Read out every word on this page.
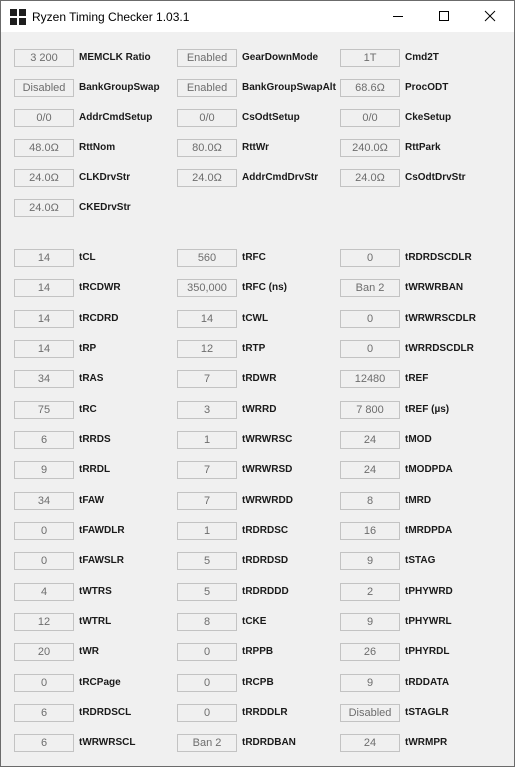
Ryzen Timing Checker 1.03.1
3 200	MEMCLK Ratio	Enabled	GearDownMode	1T	Cmd2T
Disabled	BankGroupSwap	Enabled	BankGroupSwapAlt	68.6Ω	ProcODT
0/0	AddrCmdSetup	0/0	CsOdtSetup	0/0	CkeSetup
48.0Ω	RttNom	80.0Ω	RttWr	240.0Ω	RttPark
24.0Ω	CLKDrvStr	24.0Ω	AddrCmdDrvStr	24.0Ω	CsOdtDrvStr
24.0Ω	CKEDrvStr
14	tCL	560	tRFC	0	tRDRDSCDLR
14	tRCDWR	350,000	tRFC (ns)	Ban 2	tWRWRBAN
14	tRCDRD	14	tCWL	0	tWRWRSCDLR
14	tRP	12	tRTP	0	tWRRDSCDLR
34	tRAS	7	tRDWR	12480	tREF
75	tRC	3	tWRRD	7 800	tREF (µs)
6	tRRDS	1	tWRWRSC	24	tMOD
9	tRRDL	7	tWRWRSD	24	tMODPDA
34	tFAW	7	tWRWRDD	8	tMRD
0	tFAWDLR	1	tRDRDSC	16	tMRDPDA
0	tFAWSLR	5	tRDRDSD	9	tSTAG
4	tWTRS	5	tRDRDDD	2	tPHYWRD
12	tWTRL	8	tCKE	9	tPHYWRL
20	tWR	0	tRPPB	26	tPHYRDL
0	tRCPage	0	tRCPB	9	tRDDATA
6	tRDRDSCL	0	tRRDDLR	Disabled	tSTAGLR
6	tWRWRSCL	Ban 2	tRDRDBAN	24	tWRMPR
